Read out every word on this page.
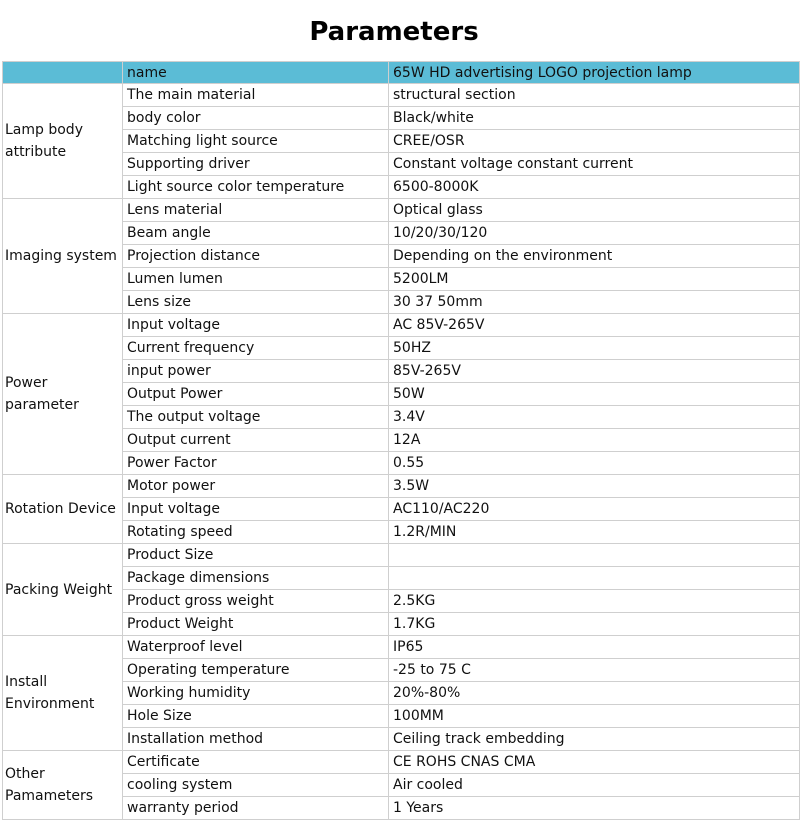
Parameters
	name	65W HD advertising LOGO projection lamp
Lamp body attribute	The main material	structural section
	body color	Black/white
	Matching light source	CREE/OSR
	Supporting driver	Constant voltage constant current
	Light source color temperature	6500-8000K
Imaging system	Lens material	Optical glass
	Beam angle	10/20/30/120
	Projection distance	Depending on the environment
	Lumen lumen	5200LM
	Lens size	30 37 50mm
Power parameter	Input voltage	AC 85V-265V
	Current frequency	50HZ
	input power	85V-265V
	Output Power	50W
	The output voltage	3.4V
	Output current	12A
	Power Factor	0.55
Rotation Device	Motor power	3.5W
	Input voltage	AC110/AC220
	Rotating speed	1.2R/MIN
Packing Weight	Product Size	
	Package dimensions	
	Product gross weight	2.5KG
	Product Weight	1.7KG
Install Environment	Waterproof level	IP65
	Operating temperature	-25 to 75 C
	Working humidity	20%-80%
	Hole Size	100MM
	Installation method	Ceiling track embedding
Other Pamameters	Certificate	CE ROHS CNAS CMA
	cooling system	Air cooled
	warranty period	1 Years
